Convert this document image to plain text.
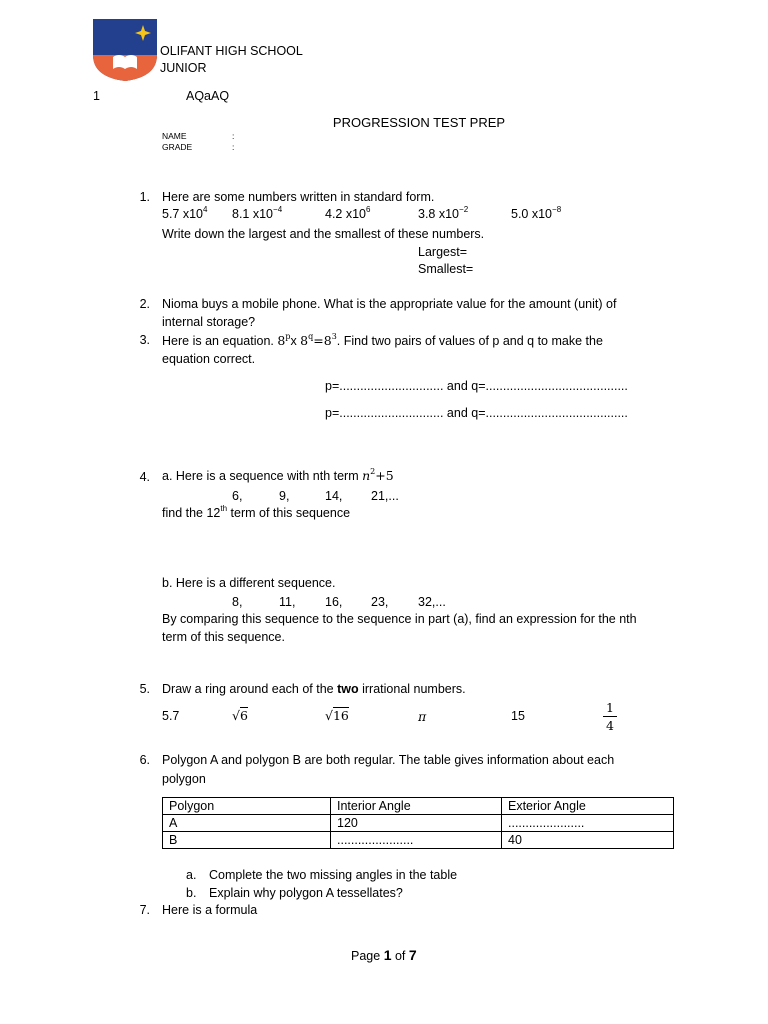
OLIFANT HIGH SCHOOL
JUNIOR
1	AQaAQ
PROGRESSION TEST PREP
NAME	:
GRADE	:
1. Here are some numbers written in standard form.
5.7 $x10^4$ 8.1 $x10^{-4}$	4.2 $x10^6$	3.8 $x10^{-2}$	5.0 $x10^{-8}$
Write down the largest and the smallest of these numbers.
Largest=
Smallest=
2. Nioma buys a mobile phone. What is the appropriate value for the amount (unit) of
internal storage?
3. Here is an equation. 8$^p$x $8^q=8^3$. Find two pairs of values of p and q to make the
equation correct.
p=.............................. and q=.........................................
p=.............................. and q=.........................................
4. a. Here is a sequence with nth term $n^2+5$
6,	9,	14, 21,...
find the 12th term of this sequence
b. Here is a different sequence.
8,	11, 16, 23, 32,...
By comparing this sequence to the sequence in part (a), find an expression for the nth
term of this sequence.
5. Draw a ring around each of the two irrational numbers.
5.7	√6	√16	π	15
1
4
6. Polygon A and polygon B are both regular. The table gives information about each
polygon
Polygon	Interior Angle	Exterior Angle
A	120	......................
B	......................	40
a. Complete the two missing angles in the table
b. Explain why polygon A tessellates?
7. Here is a formula
Page 1 of 7
